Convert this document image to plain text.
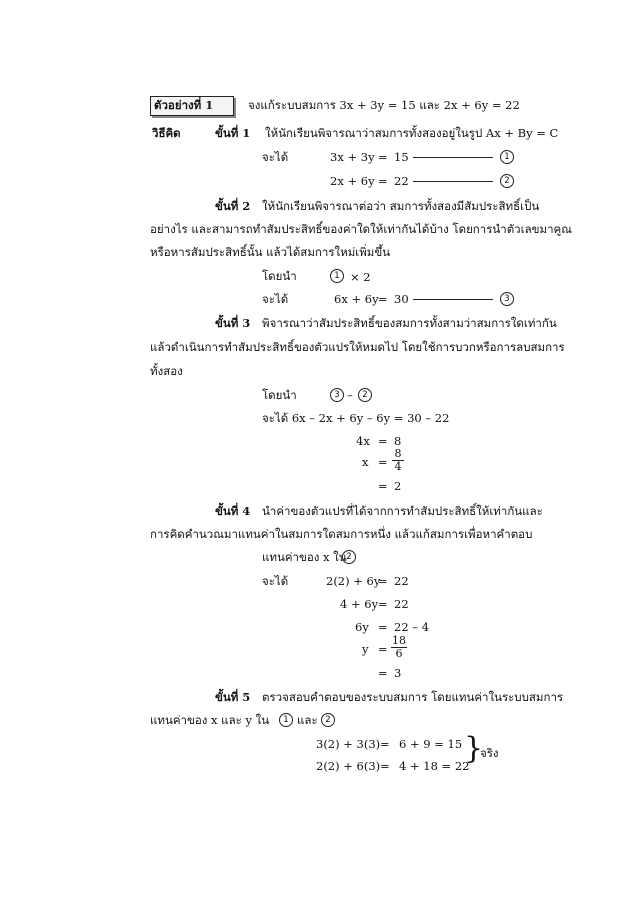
ตัวอย่างที่ 1	จงแก้ระบบสมการ 3x + 3y = 15 และ 2x + 6y = 22
วิธีคิด	ขั้นที่ 1 ให้นักเรียนพิจารณาว่าสมการทั้งสองอยู่ในรูป Ax + By = C
จะได้	3x + 3y = 15	1
2x + 6y = 22	2
ขั้นที่ 2 ให้นักเรียนพิจารณาต่อว่า สมการทั้งสองมีสัมประสิทธิ์เป็น
อย่างไร และสามารถทำสัมประสิทธิ์ของค่าใดให้เท่ากันได้บ้าง โดยการนำตัวเลขมาคูณ
หรือหารสัมประสิทธิ์นั้น แล้วได้สมการใหม่เพิ่มขึ้น
โดยนำ	1 × 2
จะได้	6x + 6y = 30	3
ขั้นที่ 3 พิจารณาว่าสัมประสิทธิ์ของสมการทั้งสามว่าสมการใดเท่ากัน
แล้วดำเนินการทำสัมประสิทธิ์ของตัวแปรให้หมดไป โดยใช้การบวกหรือการลบสมการ
ทั้งสอง
โดยนำ	3 –	2
จะได้ 6x – 2x + 6y – 6y = 30 – 22
4x = 8
$x = \frac{8}{4}$
= 2
ขั้นที่ 4 นำค่าของตัวแปรที่ได้จากการทำสัมประสิทธิ์ให้เท่ากันและ
การคิดคำนวณมาแทนค่าในสมการใดสมการหนึ่ง แล้วแก้สมการเพื่อหาคำตอบ
แทนค่าของ x ใน 2
จะได้	2(2) + 6y
= 22
4 + 6y = 22
6y = 22 – 4
$y = \frac{18}{6}$
= 3
ขั้นที่ 5 ตรวจสอบคำตอบของระบบสมการ โดยแทนค่าในระบบสมการ
แทนค่าของ x และ y ใน	1 และ 2
3(2) + 3(3) = 6 + 9 = 15
2(2) + 6(3) = 4 + 18 = 22
}
จริง
